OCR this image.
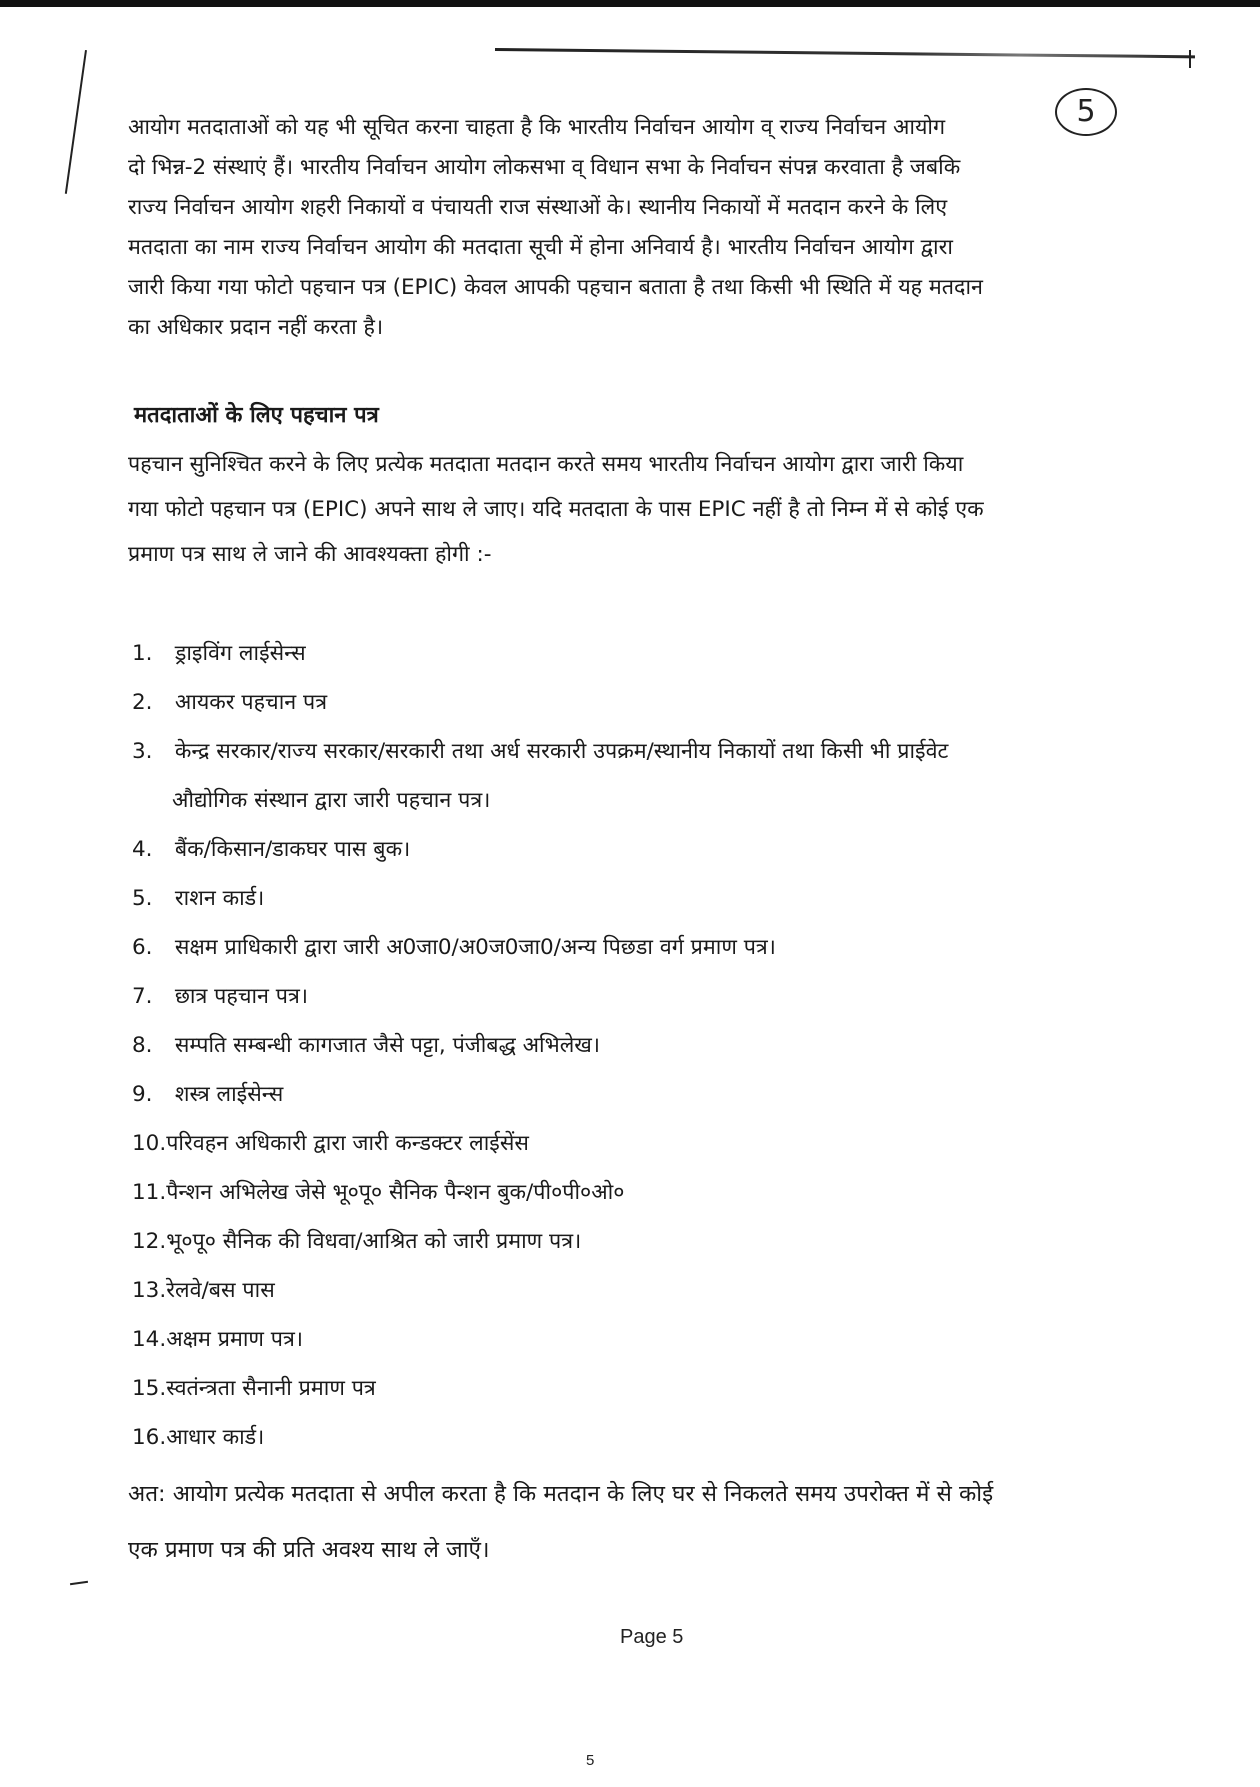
5

आयोग मतदाताओं को यह भी सूचित करना चाहता है कि भारतीय निर्वाचन आयोग व् राज्य निर्वाचन आयोग

दो भिन्न-2 संस्थाएं हैं। भारतीय निर्वाचन आयोग लोकसभा व् विधान सभा के निर्वाचन संपन्न करवाता है जबकि

राज्य निर्वाचन आयोग शहरी निकायों व पंचायती राज संस्थाओं के। स्थानीय निकायों में मतदान करने के लिए

मतदाता का नाम राज्य निर्वाचन आयोग की मतदाता सूची में होना अनिवार्य है। भारतीय निर्वाचन आयोग द्वारा

जारी किया गया फोटो पहचान पत्र (EPIC) केवल आपकी पहचान बताता है तथा किसी भी स्थिति में यह मतदान

का अधिकार प्रदान नहीं करता है।

मतदाताओं के लिए पहचान पत्र

पहचान सुनिश्चित करने के लिए प्रत्येक मतदाता मतदान करते समय भारतीय निर्वाचन आयोग द्वारा जारी किया

गया फोटो पहचान पत्र (EPIC) अपने साथ ले जाए। यदि मतदाता के पास EPIC नहीं है तो निम्न में से कोई एक

प्रमाण पत्र साथ ले जाने की आवश्यक्ता होगी :-

1. ड्राइविंग लाईसेन्स
2. आयकर पहचान पत्र
3. केन्द्र सरकार/राज्य सरकार/सरकारी तथा अर्ध सरकारी उपक्रम/स्थानीय निकायों तथा किसी भी प्राईवेट
औद्योगिक संस्थान द्वारा जारी पहचान पत्र।
4. बैंक/किसान/डाकघर पास बुक।
5. राशन कार्ड।
6. सक्षम प्राधिकारी द्वारा जारी अ0जा0/अ0ज0जा0/अन्य पिछडा वर्ग प्रमाण पत्र।
7. छात्र पहचान पत्र।
8. सम्पति सम्बन्धी कागजात जैसे पट्टा, पंजीबद्ध अभिलेख।
9. शस्त्र लाईसेन्स
10.परिवहन अधिकारी द्वारा जारी कन्डक्टर लाईसेंस
11.पैन्शन अभिलेख जेसे भू०पू० सैनिक पैन्शन बुक/पी०पी०ओ०
12.भू०पू० सैनिक की विधवा/आश्रित को जारी प्रमाण पत्र।
13.रेलवे/बस पास
14.अक्षम प्रमाण पत्र।
15.स्वतंन्त्रता सैनानी प्रमाण पत्र
16.आधार कार्ड।

अत: आयोग प्रत्येक मतदाता से अपील करता है कि मतदान के लिए घर से निकलते समय उपरोक्त में से कोई

एक प्रमाण पत्र की प्रति अवश्य साथ ले जाएँ।

Page 5
5
